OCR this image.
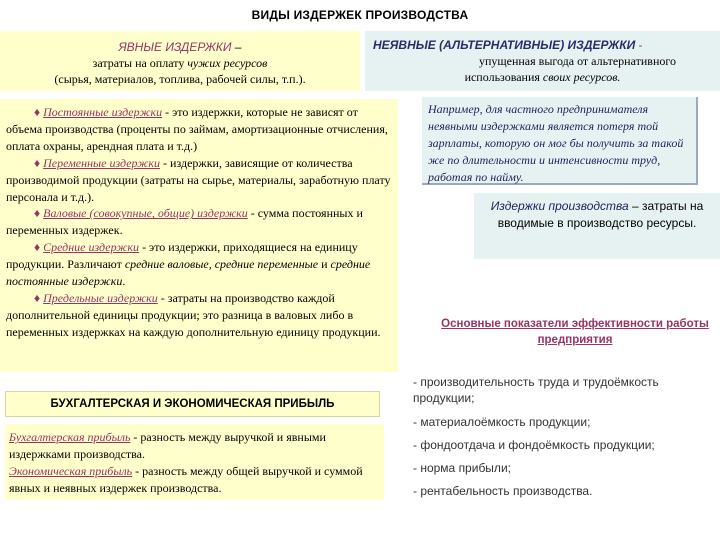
ВИДЫ ИЗДЕРЖЕК ПРОИЗВОДСТВА
ЯВНЫЕ ИЗДЕРЖКИ –
затраты на оплату чужих ресурсов
(сырья, материалов, топлива, рабочей силы, т.п.).
НЕЯВНЫЕ (АЛЬТЕРНАТИВНЫЕ) ИЗДЕРЖКИ -
упущенная выгода от альтернативного
использования своих ресурсов.

♦ Постоянные издержки - это издержки, которые не зависят от объема производства (проценты по займам, амортизационные отчисления, оплата охраны, арендная плата и т.д.)

♦ Переменные издержки - издержки, зависящие от количества производимой продукции (затраты на сырье, материалы, заработную плату персонала и т.д.).

♦ Валовые (совокупные, общие) издержки - сумма постоянных и переменных издержек.

♦ Средние издержки - это издержки, приходящиеся на единицу продукции. Различают средние валовые, средние переменные и средние постоянные издержки.

♦ Предельные издержки - затраты на производство каждой дополнительной единицы продукции; это разница в валовых либо в переменных издержках на каждую дополнительную единицу продукции.

Например, для частного предпринимателя неявными издержками является потеря той зарплаты, которую он мог бы получить за такой же по длительности и интенсивности труд, работая по найму.
Издержки производства – затраты на вводимые в производство ресурсы.
Основные показатели эффективности работы предприятия
- производительность труда и трудоёмкость продукции;
- материалоёмкость продукции;
- фондоотдача и фондоёмкость продукции;
- норма прибыли;
- рентабельность производства.
БУХГАЛТЕРСКАЯ И ЭКОНОМИЧЕСКАЯ ПРИБЫЛЬ
Бухгалтерская прибыль - разность между выручкой и явными издержками производства.
Экономическая прибыль - разность между общей выручкой и суммой явных и неявных издержек производства.
